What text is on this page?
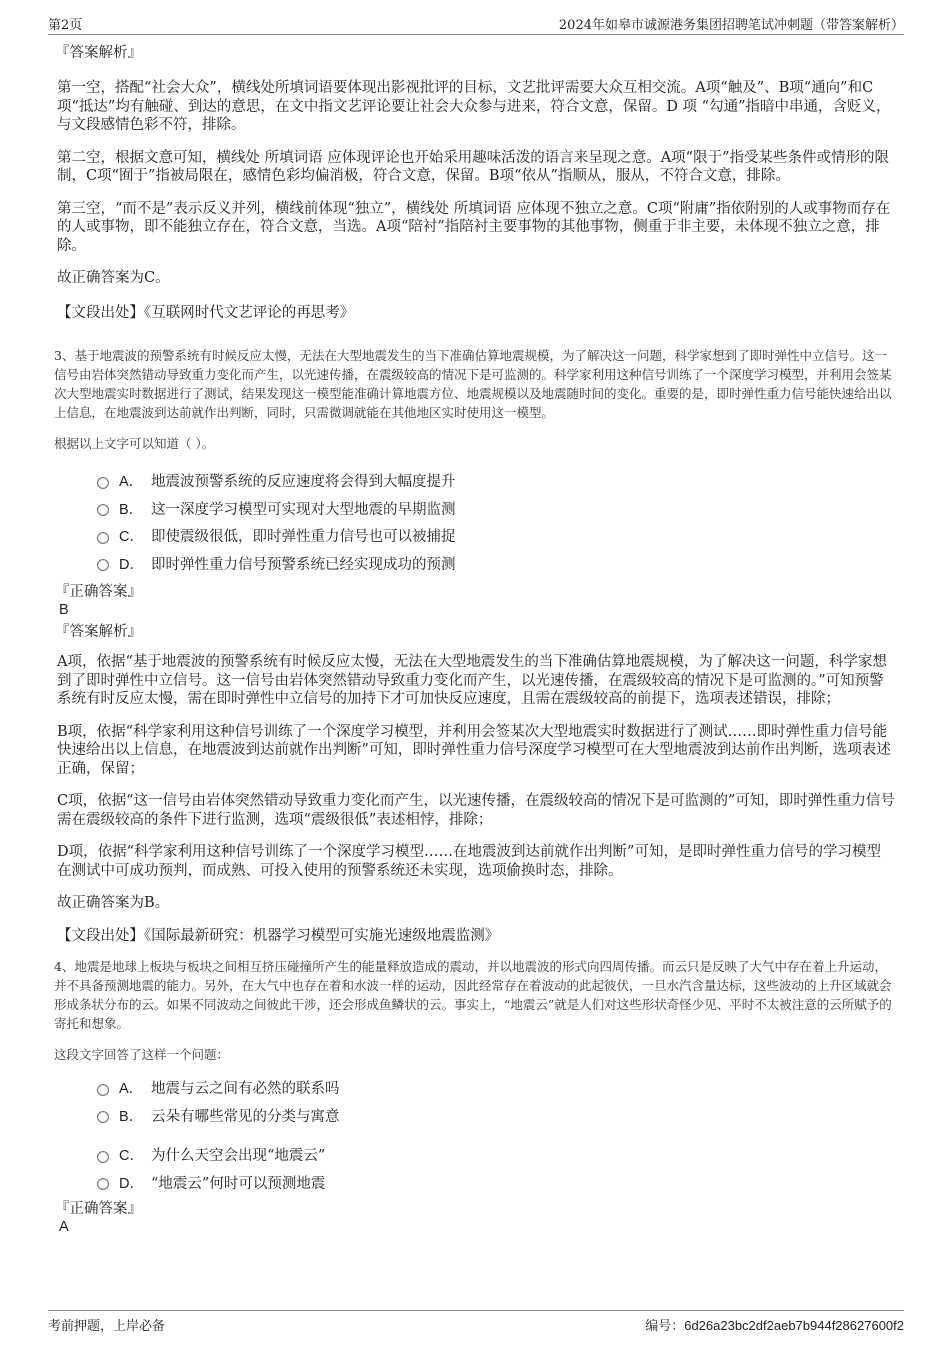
第2页	2024年如皋市诚源港务集团招聘笔试冲刺题（带答案解析）

『答案解析』

第一空，搭配“社会大众”，横线处所填词语要体现出影视批评的目标，文艺批评需要大众互相交流。A项“触及”、B项“通向”和C项“抵达”均有触碰、到达的意思，在文中指文艺评论要让社会大众参与进来，符合文意，保留。D 项 “勾通”指暗中串通，含贬义，与文段感情色彩不符，排除。

第二空，根据文意可知，横线处 所填词语 应体现评论也开始采用趣味活泼的语言来呈现之意。A项“限于”指受某些条件或情形的限制，C项“囿于”指被局限在，感情色彩均偏消极，符合文意，保留。B项“依从”指顺从，服从，不符合文意，排除。

第三空，“而不是”表示反义并列，横线前体现“独立”，横线处 所填词语 应体现不独立之意。C项“附庸”指依附别的人或事物而存在的人或事物，即不能独立存在，符合文意，当选。A项“陪衬”指陪衬主要事物的其他事物，侧重于非主要，未体现不独立之意，排除。

故正确答案为C。

【文段出处】《互联网时代文艺评论的再思考》

3、基于地震波的预警系统有时候反应太慢，无法在大型地震发生的当下准确估算地震规模，为了解决这一问题，科学家想到了即时弹性中立信号。这一信号由岩体突然错动导致重力变化而产生，以光速传播，在震级较高的情况下是可监测的。科学家利用这种信号训练了一个深度学习模型，并利用会签某次大型地震实时数据进行了测试，结果发现这一模型能准确计算地震方位、地震规模以及地震随时间的变化。重要的是，即时弹性重力信号能快速给出以上信息，在地震波到达前就作出判断，同时，只需微调就能在其他地区实时使用这一模型。

根据以上文字可以知道（ ）。

A． 地震波预警系统的反应速度将会得到大幅度提升
B． 这一深度学习模型可实现对大型地震的早期监测
C． 即使震级很低，即时弹性重力信号也可以被捕捉
D． 即时弹性重力信号预警系统已经实现成功的预测

『正确答案』

B

『答案解析』

A项，依据“基于地震波的预警系统有时候反应太慢，无法在大型地震发生的当下准确估算地震规模，为了解决这一问题，科学家想到了即时弹性中立信号。这一信号由岩体突然错动导致重力变化而产生，以光速传播，在震级较高的情况下是可监测的。”可知预警系统有时反应太慢，需在即时弹性中立信号的加持下才可加快反应速度，且需在震级较高的前提下，选项表述错误，排除；

B项，依据“科学家利用这种信号训练了一个深度学习模型，并利用会签某次大型地震实时数据进行了测试……即时弹性重力信号能快速给出以上信息，在地震波到达前就作出判断”可知，即时弹性重力信号深度学习模型可在大型地震波到达前作出判断，选项表述正确，保留；

C项，依据“这一信号由岩体突然错动导致重力变化而产生，以光速传播，在震级较高的情况下是可监测的”可知，即时弹性重力信号需在震级较高的条件下进行监测，选项“震级很低”表述相悖，排除；

D项，依据“科学家利用这种信号训练了一个深度学习模型……在地震波到达前就作出判断”可知，是即时弹性重力信号的学习模型在测试中可成功预判，而成熟、可投入使用的预警系统还未实现，选项偷换时态，排除。

故正确答案为B。

【文段出处】《国际最新研究：机器学习模型可实施光速级地震监测》

4、地震是地球上板块与板块之间相互挤压碰撞所产生的能量释放造成的震动，并以地震波的形式向四周传播。而云只是反映了大气中存在着上升运动，并不具备预测地震的能力。另外，在大气中也存在着和水波一样的运动，因此经常存在着波动的此起彼伏，一旦水汽含量达标，这些波动的上升区域就会形成条状分布的云。如果不同波动之间彼此干涉，还会形成鱼鳞状的云。事实上，“地震云”就是人们对这些形状奇怪少见、平时不太被注意的云所赋予的寄托和想象。

这段文字回答了这样一个问题：

A． 地震与云之间有必然的联系吗
B． 云朵有哪些常见的分类与寓意
C． 为什么天空会出现“地震云”
D． “地震云”何时可以预测地震

『正确答案』

A

考前押题，上岸必备	编号：6d26a23bc2df2aeb7b944f28627600f2
